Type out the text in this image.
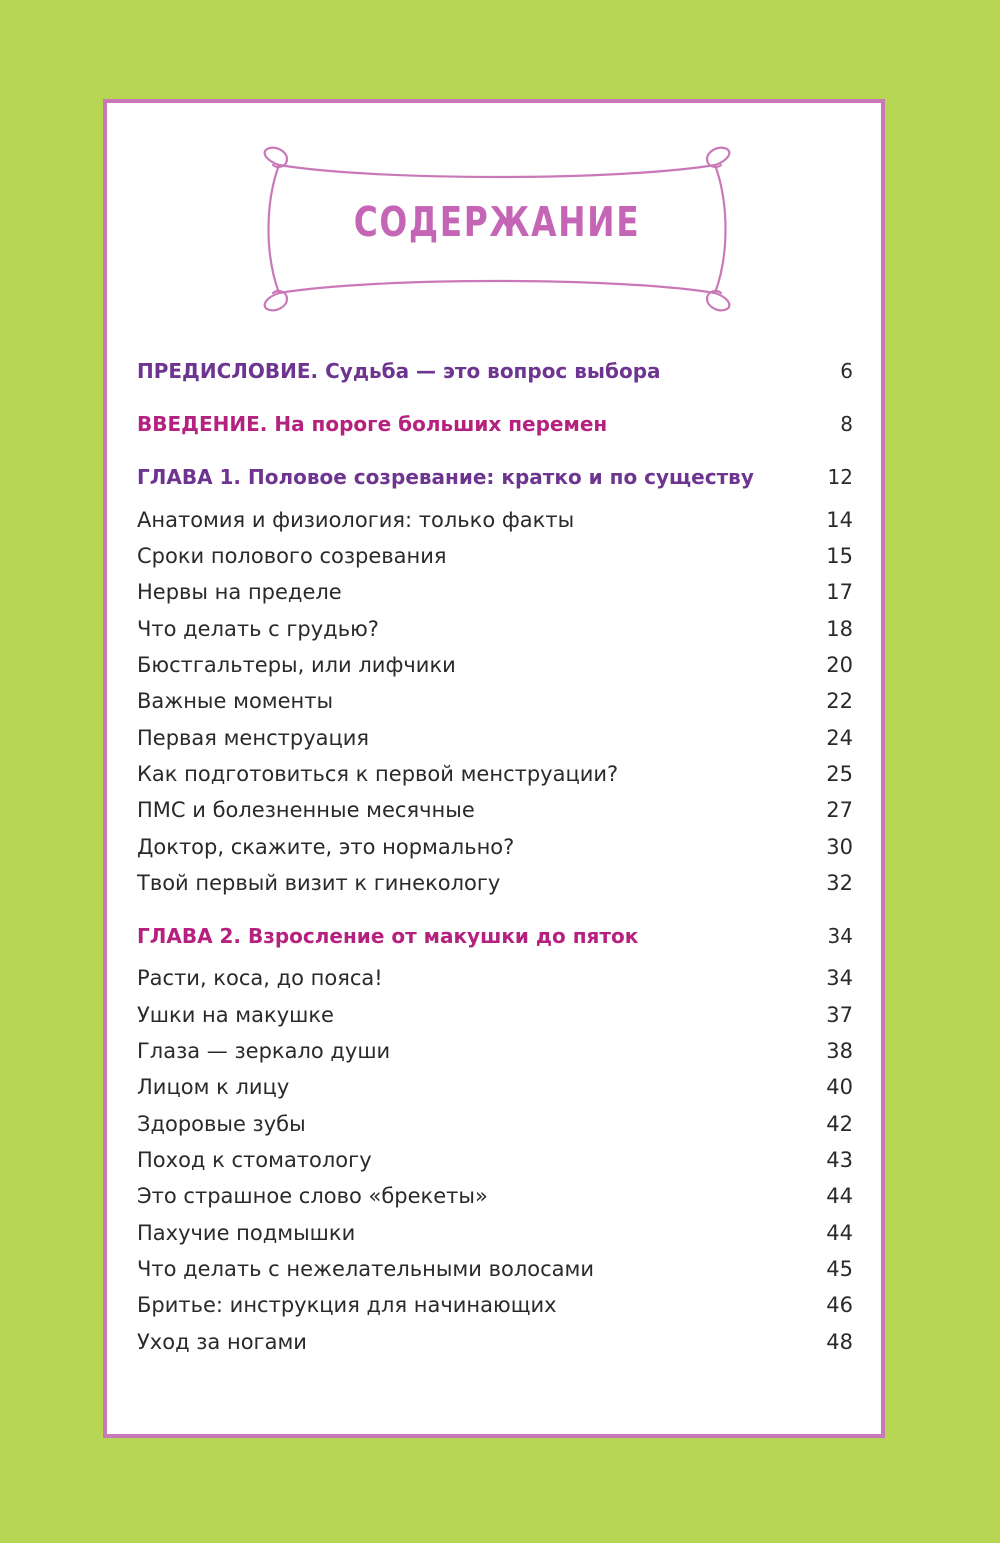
СОДЕРЖАНИЕ
ПРЕДИСЛОВИЕ. Судьба — это вопрос выбора . . .	6
ВВЕДЕНИЕ. На пороге больших перемен . . .	8
ГЛАВА 1. Половое созревание: кратко и по существу . . .	12
Анатомия и физиология: только факты . . .	14
Сроки полового созревания . . .	15
Нервы на пределе . . .	17
Что делать с грудью? . . .	18
Бюстгальтеры, или лифчики . . .	20
Важные моменты . . .	22
Первая менструация . . .	24
Как подготовиться к первой менструации? . . .	25
ПМС и болезненные месячные . . .	27
Доктор, скажите, это нормально? . . .	30
Твой первый визит к гинекологу . . .	32
ГЛАВА 2. Взросление от макушки до пяток . . .	34
Расти, коса, до пояса! . . .	34
Ушки на макушке . . .	37
Глаза — зеркало души . . .	38
Лицом к лицу . . .	40
Здоровые зубы . . .	42
Поход к стоматологу . . .	43
Это страшное слово «брекеты» . . .	44
Пахучие подмышки . . .	44
Что делать с нежелательными волосами . . .	45
Бритье: инструкция для начинающих . . .	46
Уход за ногами . . .	48
